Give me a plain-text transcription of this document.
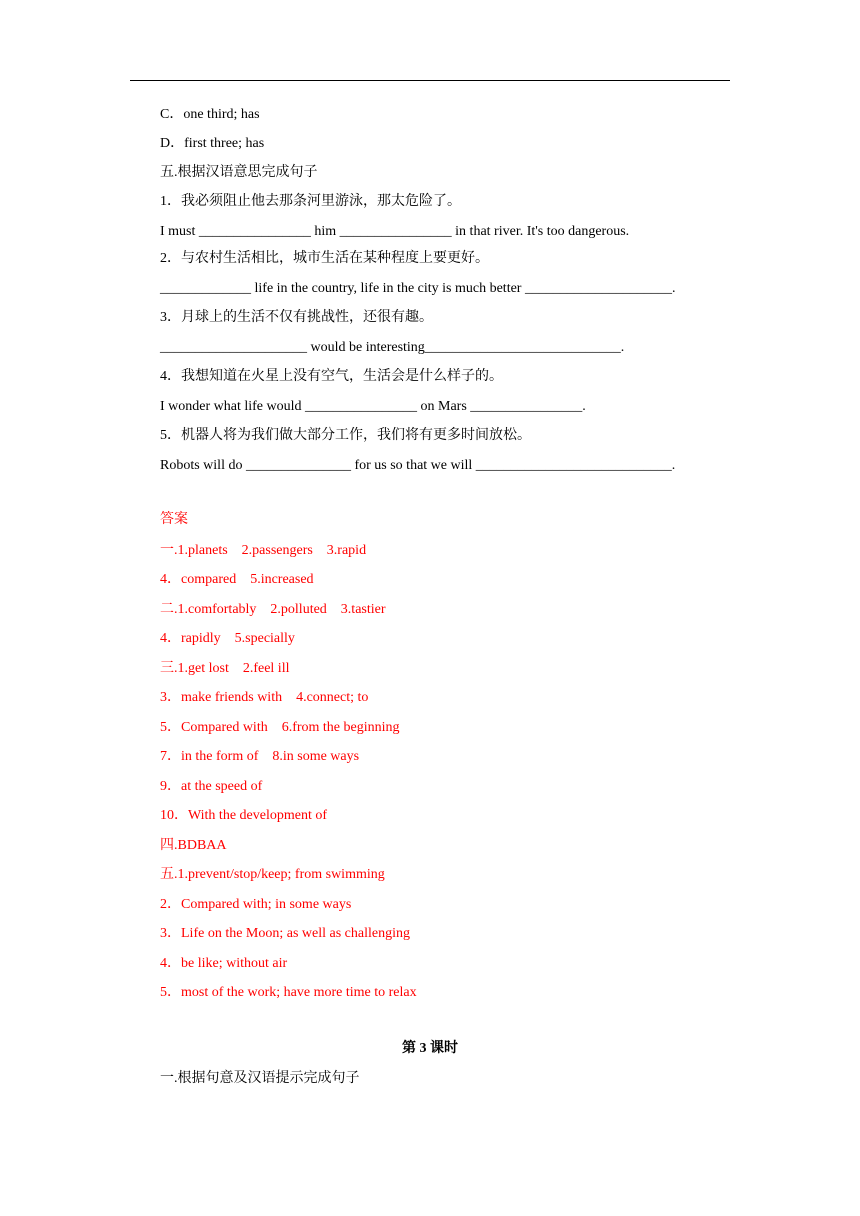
C．one third; has
D．first three; has
五.根据汉语意思完成句子
1．我必须阻止他去那条河里游泳，那太危险了。
I must ________________ him ________________ in that river. It's too dangerous.
2．与农村生活相比，城市生活在某种程度上要更好。
_____________ life in the country, life in the city is much better _____________________.
3．月球上的生活不仅有挑战性，还很有趣。
_____________________ would be interesting____________________________.
4．我想知道在火星上没有空气，生活会是什么样子的。
I wonder what life would ________________ on Mars ________________.
5．机器人将为我们做大部分工作，我们将有更多时间放松。
Robots will do _______________ for us so that we will ____________________________.
答案
一.1.planets    2.passengers    3.rapid
4．compared    5.increased
二.1.comfortably    2.polluted    3.tastier
4．rapidly    5.specially
三.1.get lost    2.feel ill
3．make friends with    4.connect; to
5．Compared with    6.from the beginning
7．in the form of    8.in some ways
9．at the speed of
10．With the development of
四.BDBAA
五.1.prevent/stop/keep; from swimming
2．Compared with; in some ways
3．Life on the Moon; as well as challenging
4．be like; without air
5．most of the work; have more time to relax
第 3 课时
一.根据句意及汉语提示完成句子
